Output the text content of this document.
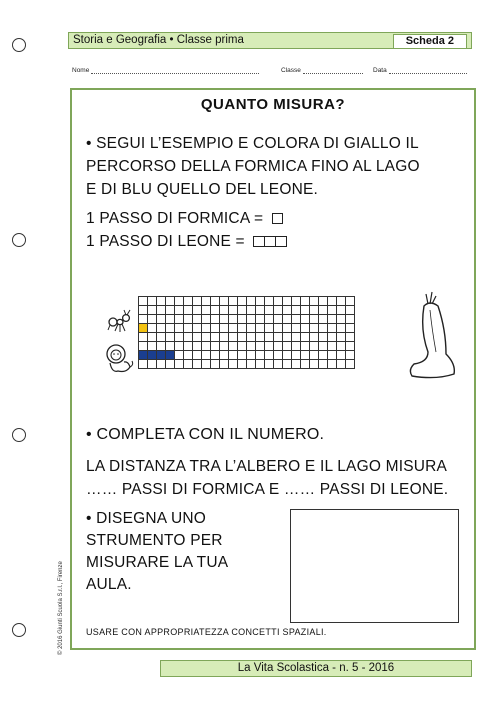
Storia e Geografia • Classe prima	Scheda 2
Nome	Classe	Data
QUANTO MISURA?
• SEGUI L’ESEMPIO E COLORA DI GIALLO IL
PERCORSO DELLA FORMICA FINO AL LAGO
E DI BLU QUELLO DEL LEONE.
1 PASSO DI FORMICA =
1 PASSO DI LEONE =

• COMPLETA CON IL NUMERO.
LA DISTANZA TRA L’ALBERO E IL LAGO MISURA
…… PASSI DI FORMICA E …… PASSI DI LEONE.
• DISEGNA UNO
STRUMENTO PER
MISURARE LA TUA
AULA.
USARE CON APPROPRIATEZZA CONCETTI SPAZIALI.
La Vita Scolastica - n. 5 - 2016
© 2016 Giunti Scuola S.r.l., Firenze
